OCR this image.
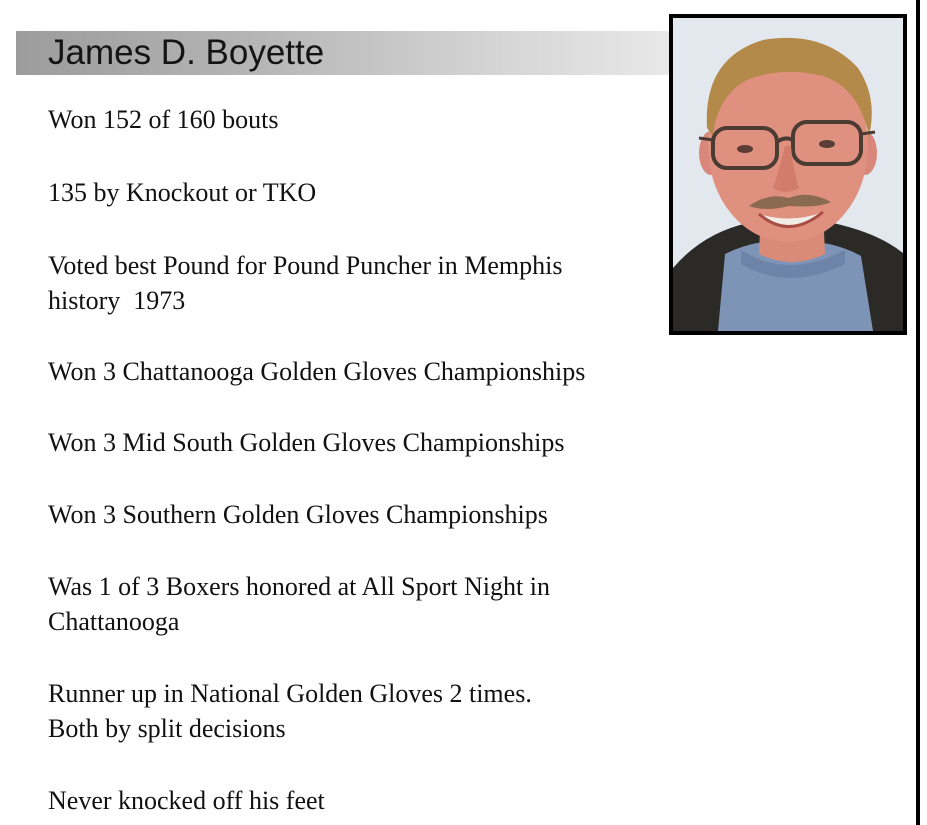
James D. Boyette

Won 152 of 160 bouts

135 by Knockout or TKO

Voted best Pound for Pound Puncher in Memphis
history  1973

Won 3 Chattanooga Golden Gloves Championships

Won 3 Mid South Golden Gloves Championships

Won 3 Southern Golden Gloves Championships

Was 1 of 3 Boxers honored at All Sport Night in
Chattanooga

Runner up in National Golden Gloves 2 times.
Both by split decisions

Never knocked off his feet
